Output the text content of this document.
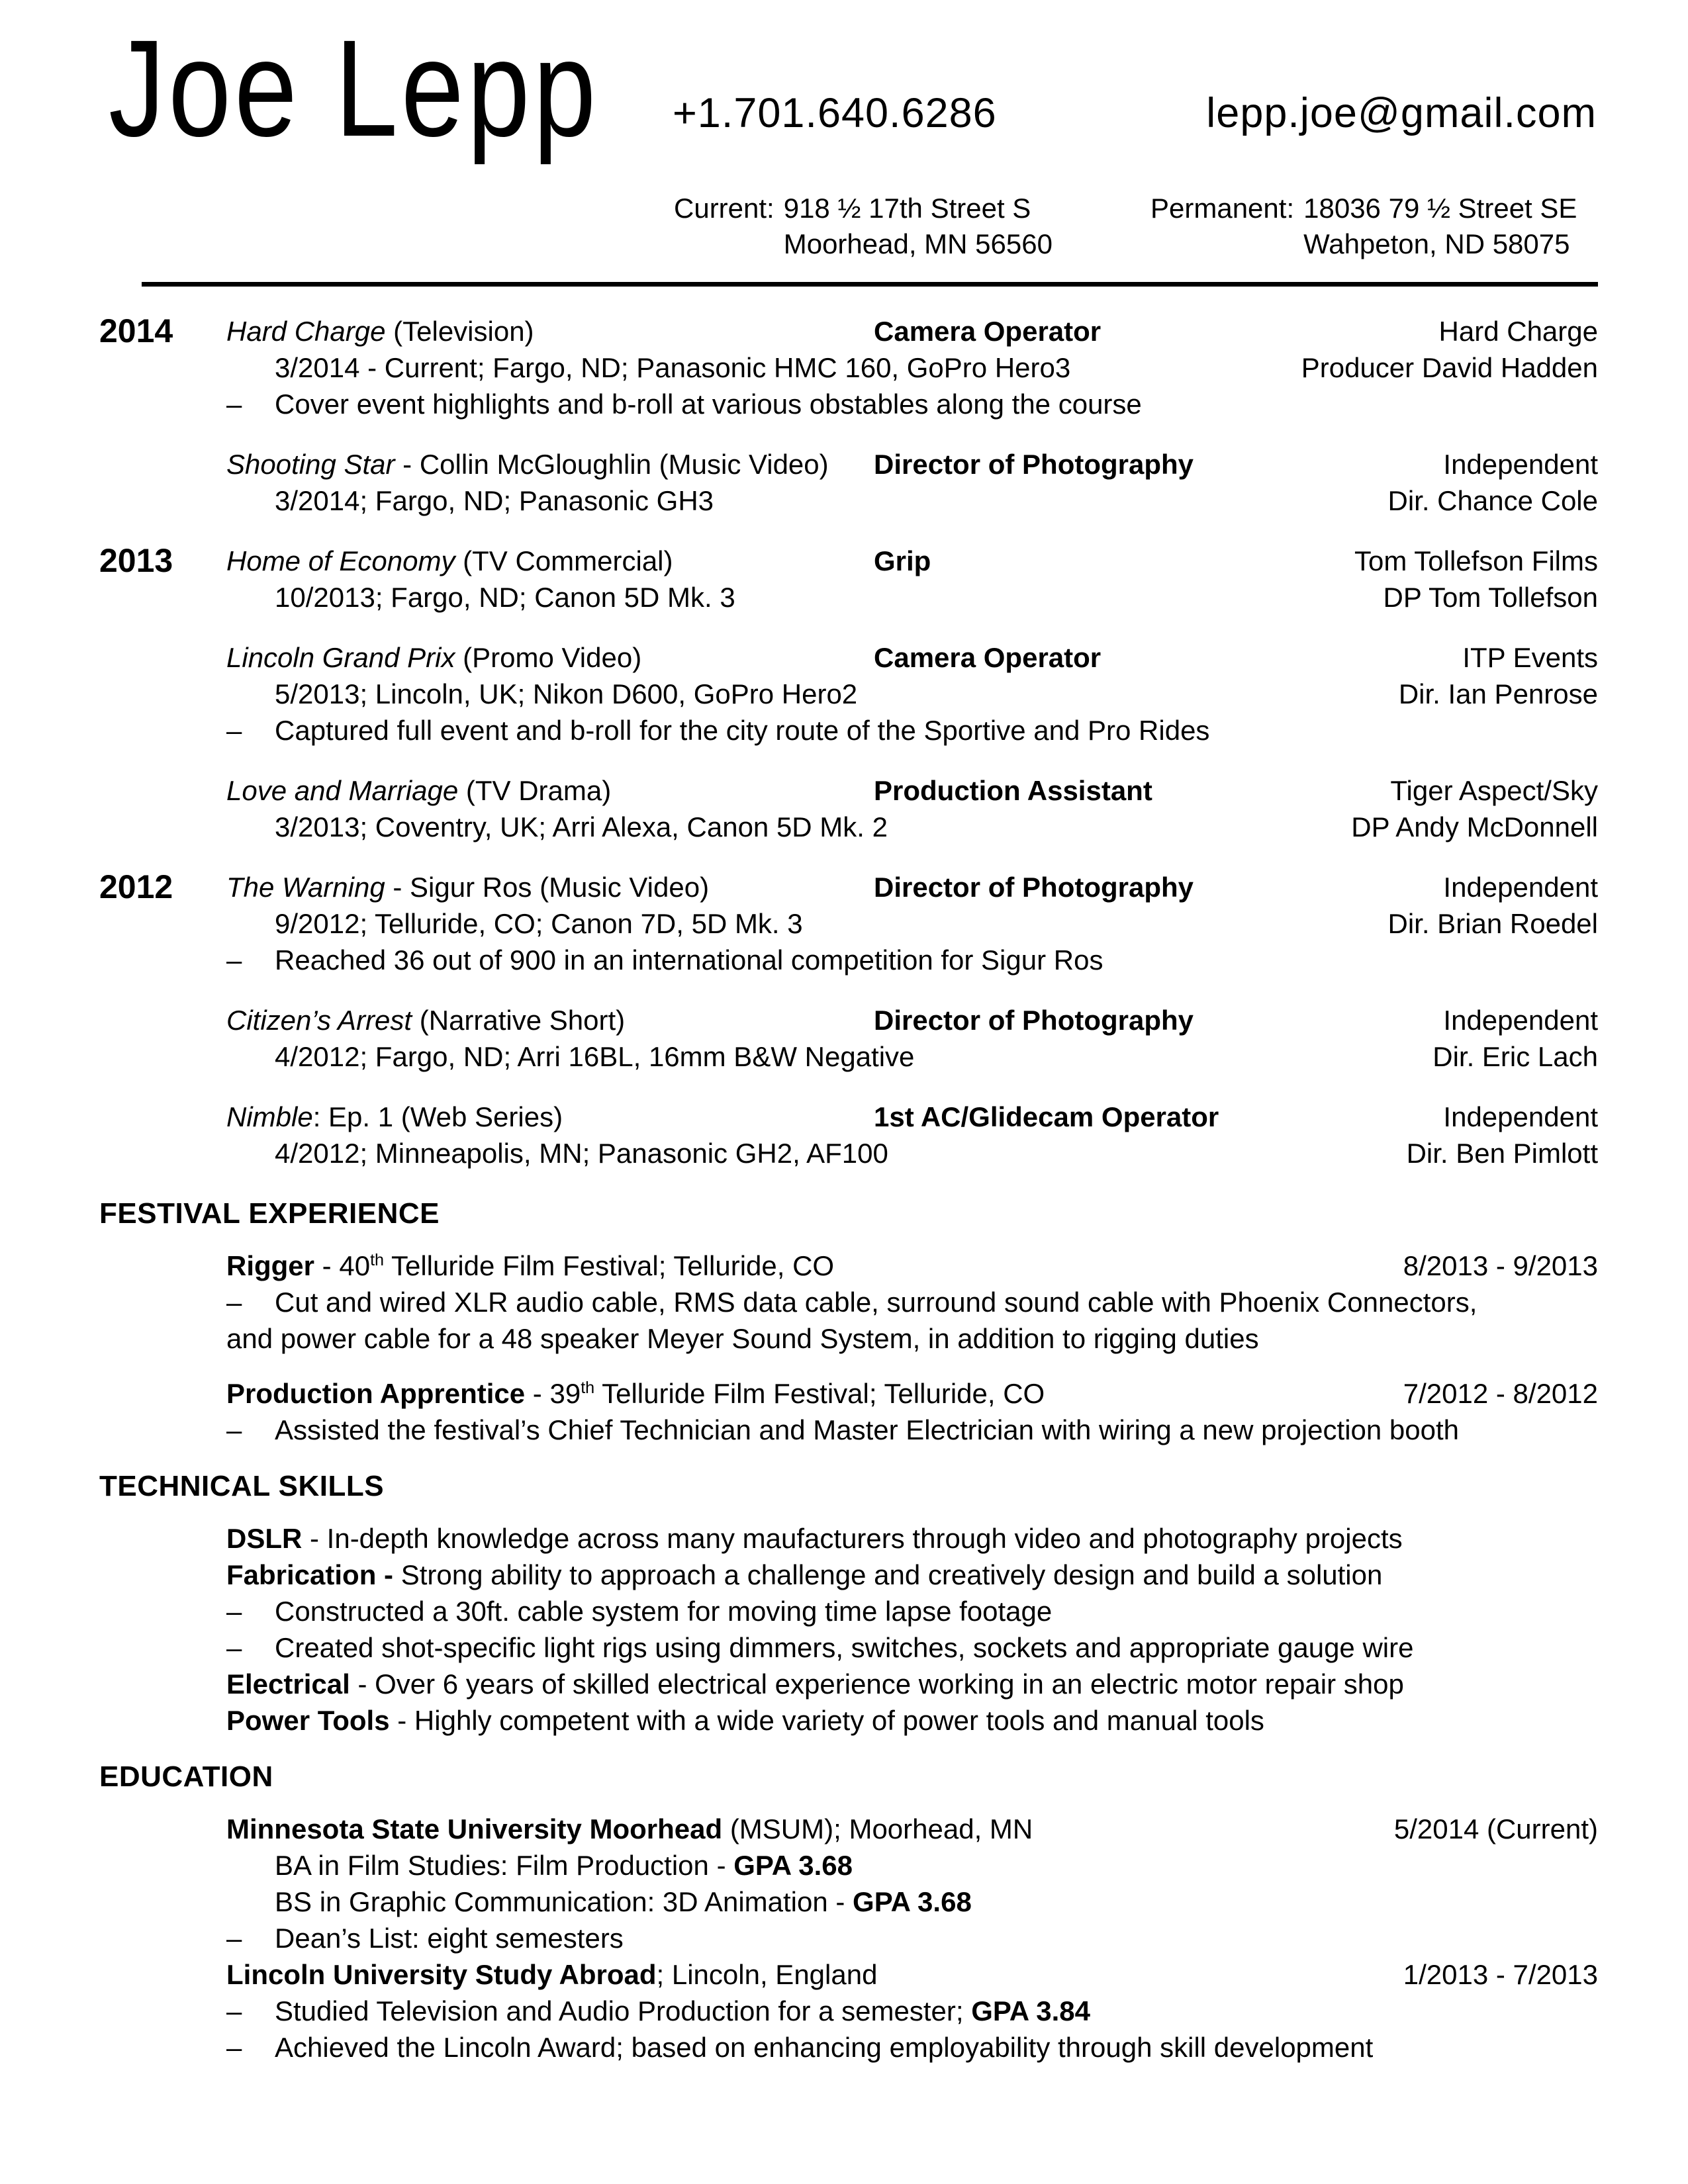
Joe Lepp +1.701.640.6286	lepp.joe@gmail.com
Current: 918 ½ 17th Street S
Moorhead, MN 56560
Permanent: 18036 79 ½ Street SE
Wahpeton, ND 58075
2014	Hard Charge (Television)	Camera Operator	Hard Charge
3/2014 - Current; Fargo, ND; Panasonic HMC 160, GoPro Hero3	Producer David Hadden
– Cover event highlights and b-roll at various obstables along the course
Shooting Star - Collin McGloughlin (Music Video)	Director of Photography	Independent
3/2014; Fargo, ND; Panasonic GH3	Dir. Chance Cole
2013	Home of Economy (TV Commercial)	Grip	Tom Tollefson Films
10/2013; Fargo, ND; Canon 5D Mk. 3	DP Tom Tollefson
Lincoln Grand Prix (Promo Video)	Camera Operator	ITP Events
5/2013; Lincoln, UK; Nikon D600, GoPro Hero2	Dir. Ian Penrose
– Captured full event and b-roll for the city route of the Sportive and Pro Rides
Love and Marriage (TV Drama)	Production Assistant	Tiger Aspect/Sky
3/2013; Coventry, UK; Arri Alexa, Canon 5D Mk. 2	DP Andy McDonnell
2012	The Warning - Sigur Ros (Music Video)	Director of Photography	Independent
9/2012; Telluride, CO; Canon 7D, 5D Mk. 3	Dir. Brian Roedel
– Reached 36 out of 900 in an international competition for Sigur Ros
Citizen’s Arrest (Narrative Short)	Director of Photography	Independent
4/2012; Fargo, ND; Arri 16BL, 16mm B&W Negative	Dir. Eric Lach
Nimble: Ep. 1 (Web Series)	1st AC/Glidecam Operator	Independent
4/2012; Minneapolis, MN; Panasonic GH2, AF100	Dir. Ben Pimlott
FESTIVAL EXPERIENCE
Rigger - 40th Telluride Film Festival; Telluride, CO	8/2013 - 9/2013
– Cut and wired XLR audio cable, RMS data cable, surround sound cable with Phoenix Connectors,
and power cable for a 48 speaker Meyer Sound System, in addition to rigging duties
Production Apprentice - 39th Telluride Film Festival; Telluride, CO	7/2012 - 8/2012
– Assisted the festival’s Chief Technician and Master Electrician with wiring a new projection booth
TECHNICAL SKILLS
DSLR - In-depth knowledge across many maufacturers through video and photography projects
Fabrication - Strong ability to approach a challenge and creatively design and build a solution
– Constructed a 30ft. cable system for moving time lapse footage
– Created shot-specific light rigs using dimmers, switches, sockets and appropriate gauge wire
Electrical - Over 6 years of skilled electrical experience working in an electric motor repair shop
Power Tools - Highly competent with a wide variety of power tools and manual tools
EDUCATION
Minnesota State University Moorhead (MSUM); Moorhead, MN	5/2014 (Current)
BA in Film Studies: Film Production - GPA 3.68
BS in Graphic Communication: 3D Animation - GPA 3.68
– Dean’s List: eight semesters
Lincoln University Study Abroad; Lincoln, England	1/2013 - 7/2013
– Studied Television and Audio Production for a semester; GPA 3.84
– Achieved the Lincoln Award; based on enhancing employability through skill development
